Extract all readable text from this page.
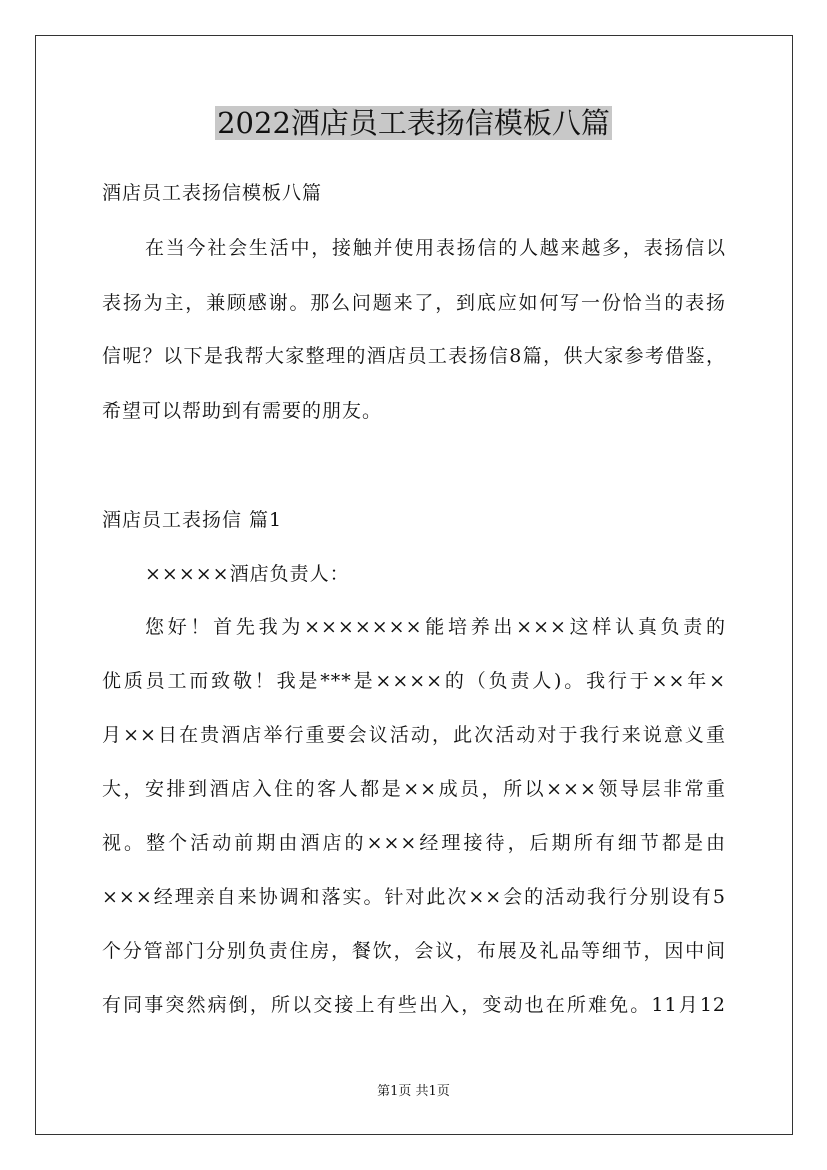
2022酒店员工表扬信模板八篇

酒店员工表扬信模板八篇

在当今社会生活中，接触并使用表扬信的人越来越多，表扬信以

表扬为主，兼顾感谢。那么问题来了，到底应如何写一份恰当的表扬

信呢？以下是我帮大家整理的酒店员工表扬信8篇，供大家参考借鉴，

希望可以帮助到有需要的朋友。

酒店员工表扬信 篇1

×××××酒店负责人：

您好！首先我为×××××××能培养出×××这样认真负责的

优质员工而致敬！我是***是××××的（负责人)。我行于××年×

月××日在贵酒店举行重要会议活动，此次活动对于我行来说意义重

大，安排到酒店入住的客人都是××成员，所以×××领导层非常重

视。整个活动前期由酒店的×××经理接待，后期所有细节都是由

×××经理亲自来协调和落实。针对此次××会的活动我行分别设有5

个分管部门分别负责住房，餐饮，会议，布展及礼品等细节，因中间

有同事突然病倒，所以交接上有些出入，变动也在所难免。11月12

第1页 共1页
